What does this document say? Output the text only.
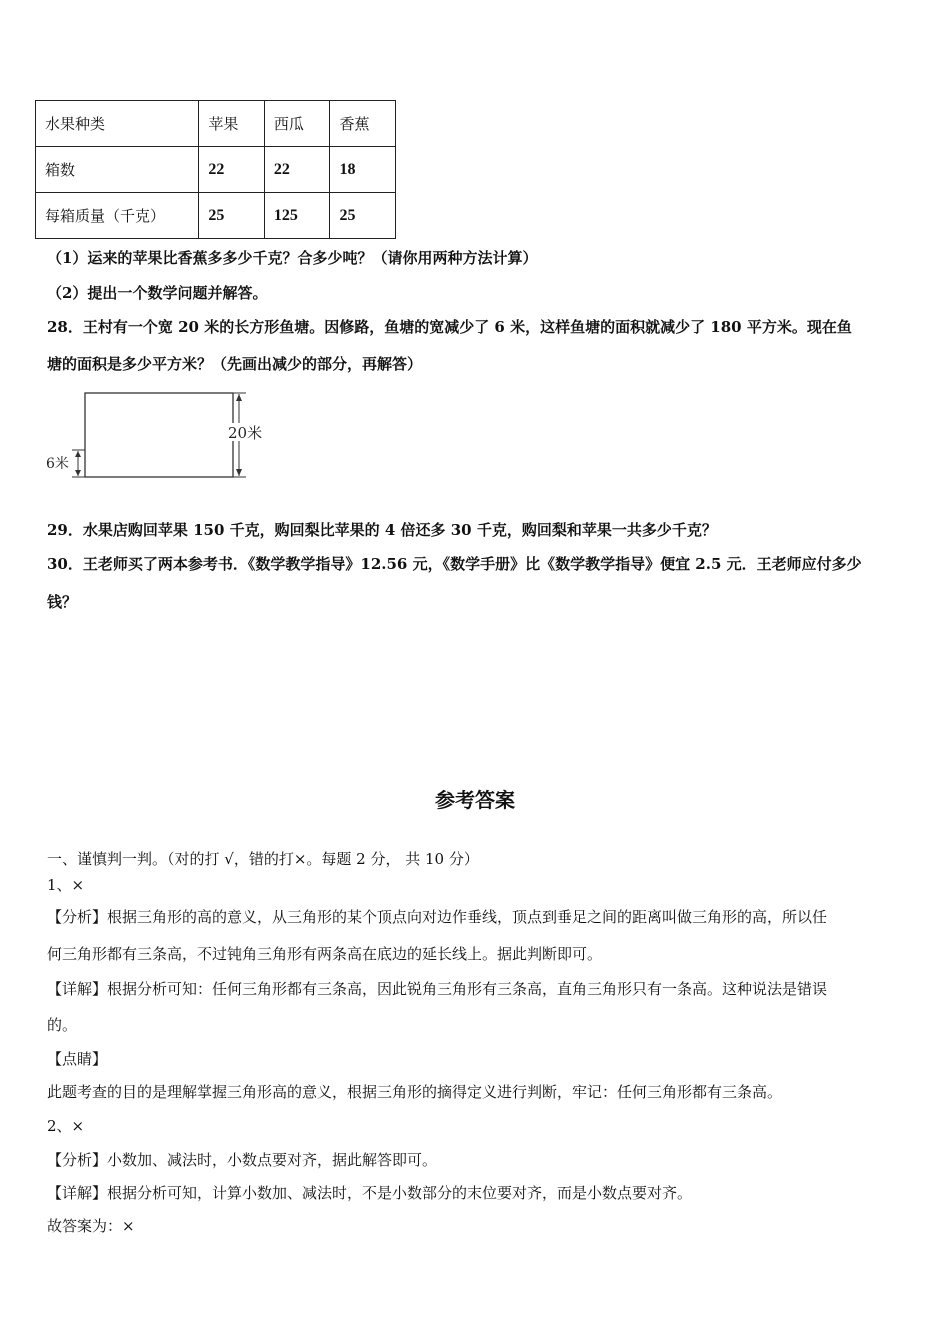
水果种类	苹果	西瓜	香蕉
箱数	22	22	18
每箱质量（千克）	25	125	25
（1）运来的苹果比香蕉多多少千克？合多少吨？（请你用两种方法计算）
（2）提出一个数学问题并解答。
28．王村有一个宽 20 米的长方形鱼塘。因修路，鱼塘的宽减少了 6 米，这样鱼塘的面积就减少了 180 平方米。现在鱼
塘的面积是多少平方米？（先画出减少的部分，再解答）
20米
6米
29．水果店购回苹果 150 千克，购回梨比苹果的 4 倍还多 30 千克，购回梨和苹果一共多少千克？
30．王老师买了两本参考书．《数学教学指导》12.56 元，《数学手册》比《数学教学指导》便宜 2.5 元．王老师应付多少
钱？
参考答案
一、谨慎判一判。（对的打 √，错的打×。每题 2 分， 共 10 分）
1、×
【分析】根据三角形的高的意义，从三角形的某个顶点向对边作垂线，顶点到垂足之间的距离叫做三角形的高，所以任
何三角形都有三条高，不过钝角三角形有两条高在底边的延长线上。据此判断即可。
【详解】根据分析可知：任何三角形都有三条高，因此锐角三角形有三条高，直角三角形只有一条高。这种说法是错误
的。
【点睛】
此题考查的目的是理解掌握三角形高的意义，根据三角形的摘得定义进行判断，牢记：任何三角形都有三条高。
2、×
【分析】小数加、减法时，小数点要对齐，据此解答即可。
【详解】根据分析可知，计算小数加、减法时，不是小数部分的末位要对齐，而是小数点要对齐。
故答案为：×
